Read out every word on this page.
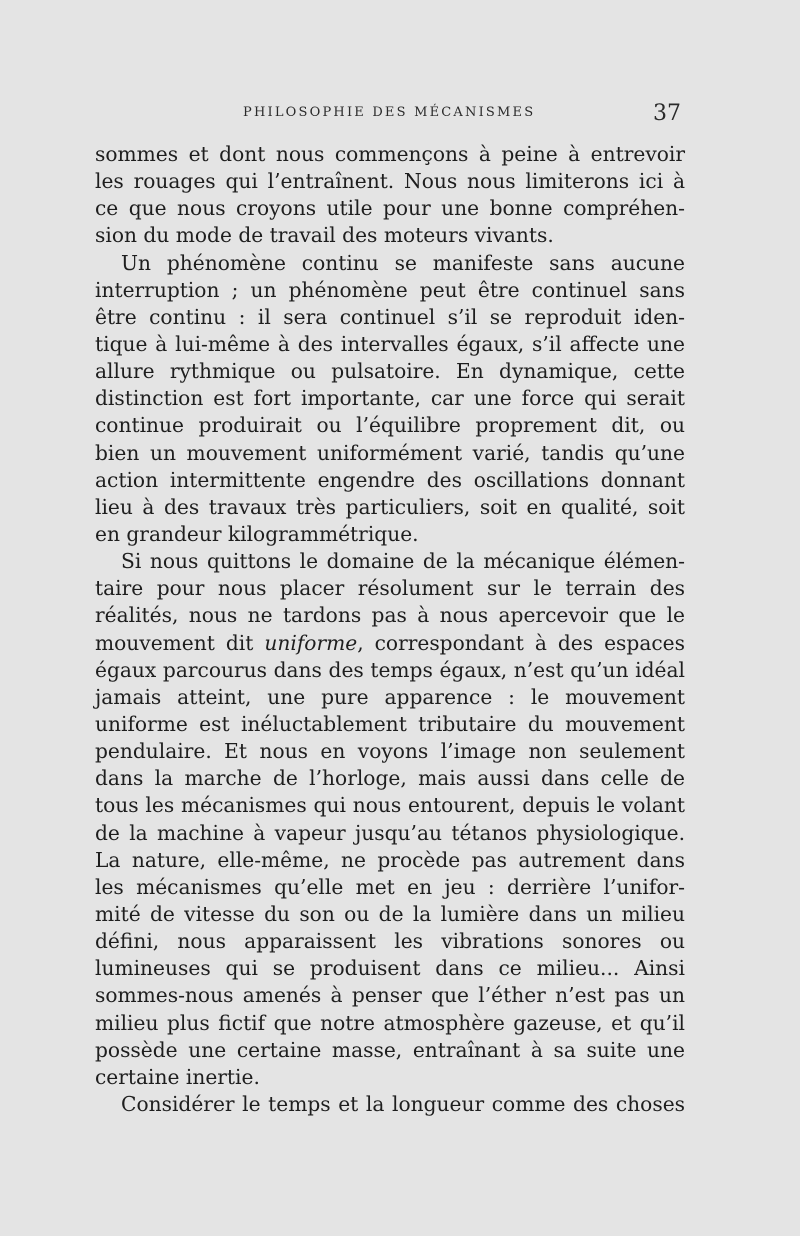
PHILOSOPHIE DES MÉCANISMES	37

sommes et dont nous commençons à peine à entrevoir
les rouages qui l’entraînent. Nous nous limiterons ici à
ce que nous croyons utile pour une bonne compréhen-
sion du mode de travail des moteurs vivants.

Un phénomène continu se manifeste sans aucune
interruption ; un phénomène peut être continuel sans
être continu : il sera continuel s’il se reproduit iden-
tique à lui-même à des intervalles égaux, s’il affecte une
allure rythmique ou pulsatoire. En dynamique, cette
distinction est fort importante, car une force qui serait
continue produirait ou l’équilibre proprement dit, ou
bien un mouvement uniformément varié, tandis qu’une
action intermittente engendre des oscillations donnant
lieu à des travaux très particuliers, soit en qualité, soit
en grandeur kilogrammétrique.

Si nous quittons le domaine de la mécanique élémen-
taire pour nous placer résolument sur le terrain des
réalités, nous ne tardons pas à nous apercevoir que le
mouvement dit uniforme, correspondant à des espaces
égaux parcourus dans des temps égaux, n’est qu’un idéal
jamais atteint, une pure apparence : le mouvement
uniforme est inéluctablement tributaire du mouvement
pendulaire. Et nous en voyons l’image non seulement
dans la marche de l’horloge, mais aussi dans celle de
tous les mécanismes qui nous entourent, depuis le volant
de la machine à vapeur jusqu’au tétanos physiologique.
La nature, elle-même, ne procède pas autrement dans
les mécanismes qu’elle met en jeu : derrière l’unifor-
mité de vitesse du son ou de la lumière dans un milieu
défini, nous apparaissent les vibrations sonores ou
lumineuses qui se produisent dans ce milieu... Ainsi
sommes-nous amenés à penser que l’éther n’est pas un
milieu plus fictif que notre atmosphère gazeuse, et qu’il
possède une certaine masse, entraînant à sa suite une
certaine inertie.

Considérer le temps et la longueur comme des choses
